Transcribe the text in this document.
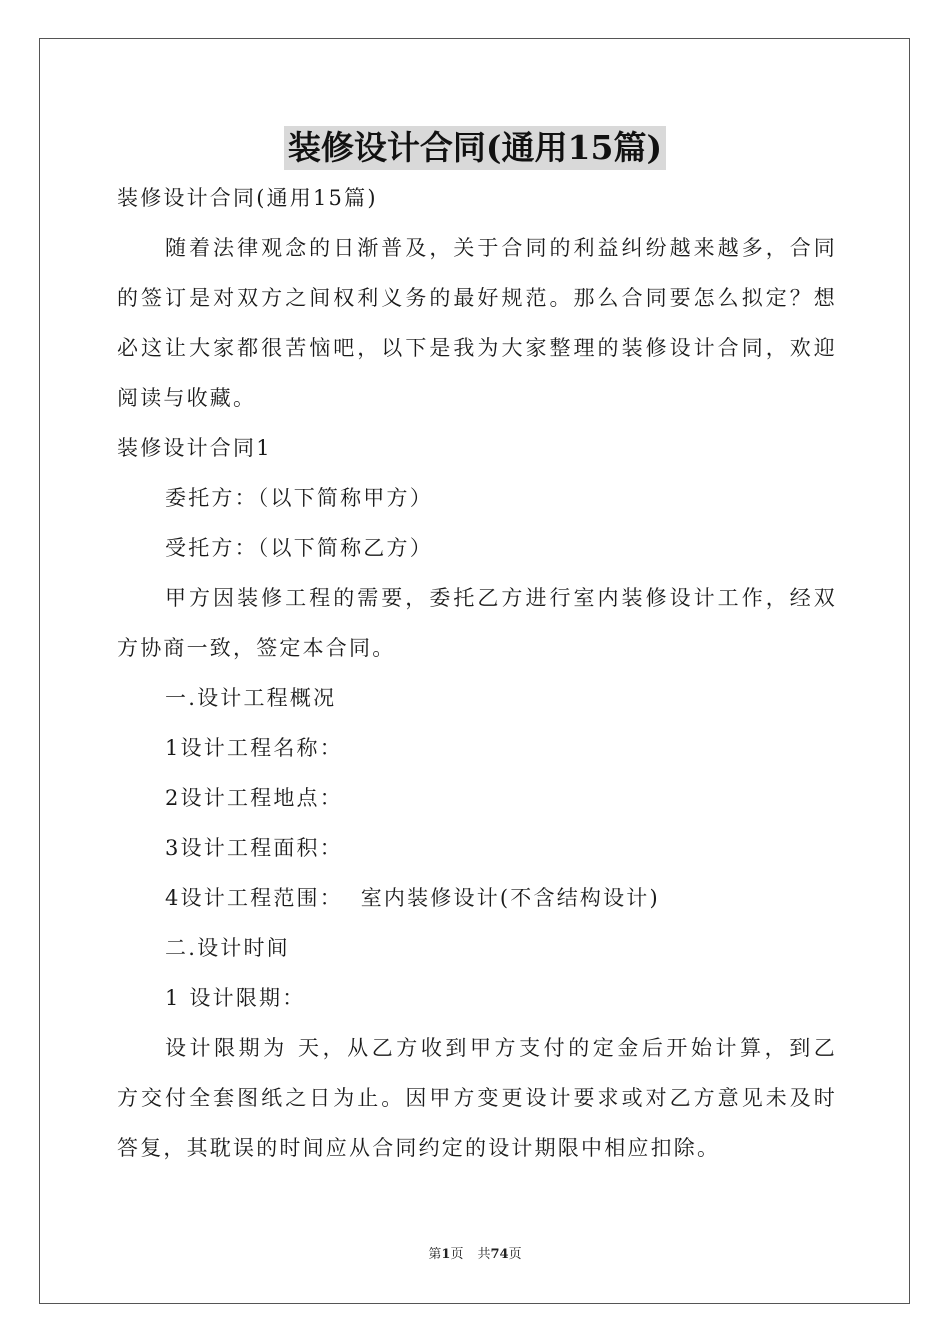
装修设计合同(通用15篇)
装修设计合同(通用15篇)
随着法律观念的日渐普及，关于合同的利益纠纷越来越多，合同
的签订是对双方之间权利义务的最好规范。那么合同要怎么拟定？想
必这让大家都很苦恼吧，以下是我为大家整理的装修设计合同，欢迎
阅读与收藏。
装修设计合同1
委托方：（以下简称甲方）
受托方：（以下简称乙方）
甲方因装修工程的需要，委托乙方进行室内装修设计工作，经双
方协商一致，签定本合同。
一.设计工程概况
1设计工程名称：
2设计工程地点：
3设计工程面积：
4设计工程范围：  室内装修设计(不含结构设计)
二.设计时间
1 设计限期：
设计限期为 天，从乙方收到甲方支付的定金后开始计算，到乙
方交付全套图纸之日为止。因甲方变更设计要求或对乙方意见未及时
答复，其耽误的时间应从合同约定的设计期限中相应扣除。
第1页 共74页
